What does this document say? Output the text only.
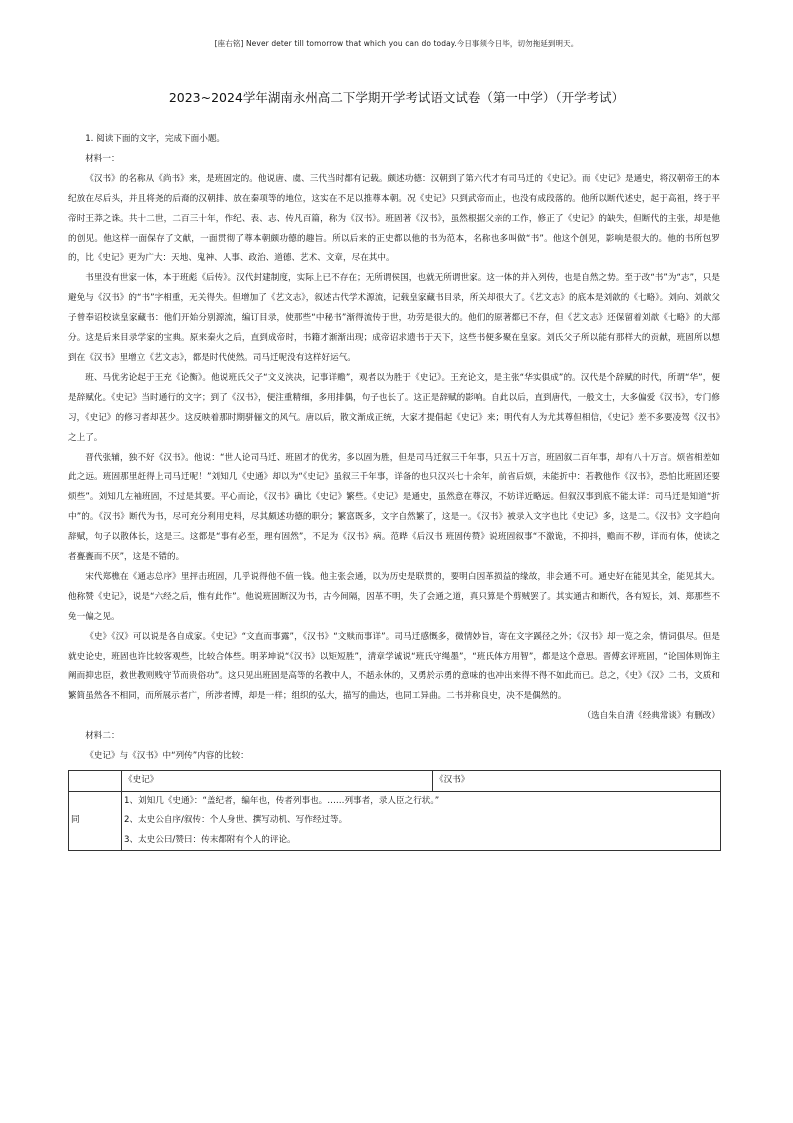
[座右铭] Never deter till tomorrow that which you can do today.今日事须今日毕，切勿拖延到明天。
2023~2024学年湖南永州高二下学期开学考试语文试卷（第一中学）（开学考试）

1. 阅读下面的文字，完成下面小题。

材料一：

《汉书》的名称从《尚书》来，是班固定的。他说唐、虞、三代当时都有记载。颇述功德：汉朝到了第六代才有司马迁的《史记》。而《史记》是通史，将汉朝帝王的本纪放在尽后头，并且将尧的后裔的汉朝排、放在秦项等的地位，这实在不足以推尊本朝。况《史记》只到武帝而止，也没有成段落的。他所以断代述史，起于高祖，终于平帝时王莽之诛。共十二世，二百三十年，作纪、表、志、传凡百篇，称为《汉书》。班固著《汉书》，虽然根据父亲的工作，修正了《史记》的缺失，但断代的主张，却是他的创见。他这样一面保存了文献，一面贯彻了尊本朝颇功德的趣旨。所以后来的正史都以他的书为范本，名称也多叫做“书”。他这个创见，影响是很大的。他的书所包罗的，比《史记》更为广大：天地、鬼神、人事、政治、道德、艺术、文章，尽在其中。

书里没有世家一体，本于班彪《后传》。汉代封建制度，实际上已不存在；无所谓侯国，也就无所谓世家。这一体的并入列传，也是自然之势。至于改“书”为“志”，只是避免与《汉书》的“书”字相重，无关得失。但增加了《艺文志》，叙述古代学术源流，记载皇家藏书目录，所关却很大了。《艺文志》的底本是刘歆的《七略》。刘向、刘歆父子曾奉诏校读皇家藏书：他们开始分别源流，编订目录，使那些“中秘书”渐得流传于世，功劳是很大的。他们的原著都已不存，但《艺文志》还保留着刘歆《七略》的大部分。这是后来目录学家的宝典。原来秦火之后，直到成帝时，书籍才渐渐出现；成帝诏求遗书于天下，这些书便多聚在皇家。刘氏父子所以能有那样大的贡献，班固所以想到在《汉书》里增立《艺文志》，都是时代使然。司马迁呢没有这样好运气。

班、马优劣论起于王充《论衡》。他说班氏父子“文义浃决，记事详赡”，观者以为胜于《史记》。王充论文，是主张“华实俱成”的。汉代是个辞赋的时代，所谓“华”，便是辞赋化。《史记》当时通行的文字；到了《汉书》，便注重精细，多用排偶，句子也长了。这正是辞赋的影响。自此以后，直到唐代，一般文士，大多偏爱《汉书》，专门修习，《史记》的修习者却甚少。这反映着那时期骈俪文的风气。唐以后，散文渐成正统，大家才提倡起《史记》来；明代有人为尤其尊但相信，《史记》差不多要凌驾《汉书》之上了。

晋代张辅，独不好《汉书》。他说：“世人论司马迁、班固才的优劣，多以固为胜，但是司马迁叙三千年事，只五十万言，班固叙二百年事，却有八十万言。烦省相差如此之远。班固那里赶得上司马迁呢！”刘知几《史通》却以为“《史记》虽叙三千年事，详备的也只汉兴七十余年，前省后烦，未能折中：若教他作《汉书》，恐怕比班固还要烦些”。刘知几左袖班固，不过是其要。平心而论，《汉书》确比《史记》繁些。《史记》是通史，虽然意在尊汉，不妨详近略远。但叙汉事到底不能太详：司马迁是知道“折中”的。《汉书》断代为书，尽可充分利用史料，尽其颇述功德的职分；繁富既多，文字自然繁了，这是一。《汉书》被录入文字也比《史记》多，这是二。《汉书》文字趋向辞赋，句子以散体长，这是三。这都是“事有必至，理有固然”，不足为《汉书》病。范晔《后汉书 班固传赞》说班固叙事“不激诡，不抑抖，赡而不秽，详而有体，使读之者亹亹而不厌”，这是不错的。

宋代郑樵在《通志总序》里抨击班固，几乎说得他不值一钱。他主张会通，以为历史是联贯的，要明白因革损益的缘故，非会通不可。通史好在能见其全，能见其大。他称赞《史记》，说是“六经之后，惟有此作”。他说班固断汉为书，古今间隔，因革不明，失了会通之道，真只算是个剪贼罢了。其实通古和断代，各有短长，刘、郑那些不免一偏之见。

《史》《汉》可以说是各自成家。《史记》“文直而事露”，《汉书》“文赎而事详”。司马迁感慨多，微情妙旨，寄在文字蹊径之外；《汉书》却一览之余，情词俱尽。但是就史论史，班固也许比较客观些，比较合体些。明茅坤说“《汉书》以矩短胜”，清章学诚说“班氏守绳墨”，“班氏体方用智”，都是这个意思。晋傅玄评班固，“论国体则饰主阐而抑忠臣，救世教则贱守节而贵俗功”。这只见出班固是高等的名教中人，不趏永休的，又勇於示勇的意味的也冲出来得不得不如此而已。总之，《史》《汉》二书，文质和繁简虽然各不相同，而所展示者广，所涉者博，却是一样；组织的弘大，描写的曲达，也同工异曲。二书并称良史，决不是偶然的。

（选自朱自清《经典常谈》有删改）

材料二：

《史记》与《汉书》中“列传”内容的比较：

	《史记》	《汉书》
同	1、刘知几《史通》：“盖纪者，编年也，传者列事也。……列事者，录人臣之行状。”
2、太史公自序/叙传：个人身世、撰写动机、写作经过等。
3、太史公曰/赞曰：传末都附有个人的评论。	
